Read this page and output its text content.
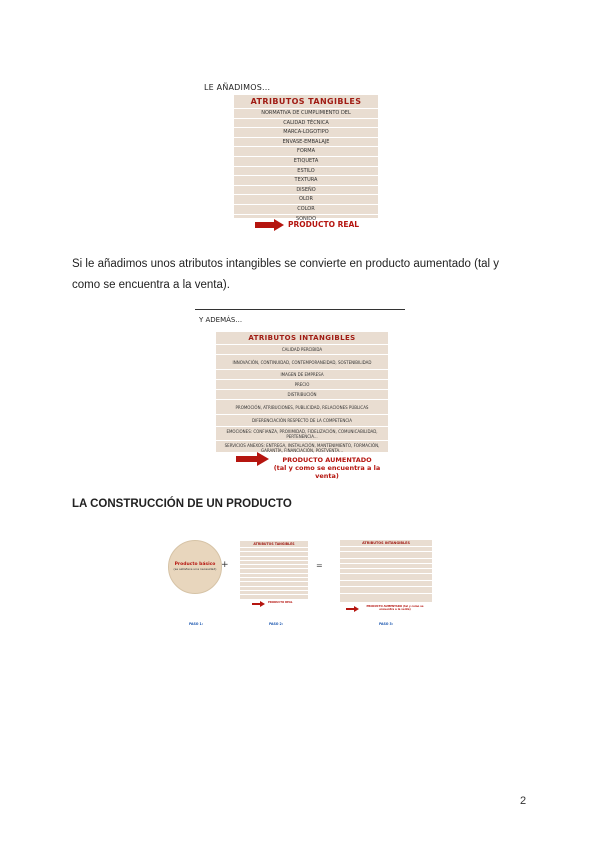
LE AÑADIMOS...
ATRIBUTOS TANGIBLES
NORMATIVA DE CUMPLIMIENTO DEL
CALIDAD TÉCNICA
MARCA-LOGOTIPO
ENVASE-EMBALAJE
FORMA
ETIQUETA
ESTILO
TEXTURA
DISEÑO
OLOR
COLOR
SONIDO
PRODUCTO REAL
Si le añadimos unos atributos intangibles se convierte en producto aumentado (tal y como se encuentra a la venta).
Y ADEMÁS...
ATRIBUTOS INTANGIBLES
CALIDAD PERCIBIDA
INNOVACIÓN, CONTINUIDAD, CONTEMPORANEIDAD, SOSTENIBILIDAD
IMAGEN DE EMPRESA
PRECIO
DISTRIBUCIÓN
PROMOCIÓN, ATRIBUCIONES, PUBLICIDAD, RELACIONES PÚBLICAS
DIFERENCIACIÓN RESPECTO DE LA COMPETENCIA
EMOCIONES: CONFIANZA, PROXIMIDAD, FIDELIZACIÓN, COMUNICABILIDAD, PERTENENCIA...
SERVICIOS ANEXOS: ENTREGA, INSTALACIÓN, MANTENIMIENTO, FORMACIÓN, GARANTÍA, FINANCIACIÓN, POSTVENTA...
PRODUCTO AUMENTADO
(tal y como se encuentra a la venta)
LA CONSTRUCCIÓN DE UN PRODUCTO
Producto básico
(se satisface una necesidad) +
ATRIBUTOS TANGIBLES
PRODUCTO REAL
=
ATRIBUTOS INTANGIBLES
PRODUCTO AUMENTADO (tal y como se encuentra a la venta)
PASO 1:	PASO 2:	PASO 3:
2
